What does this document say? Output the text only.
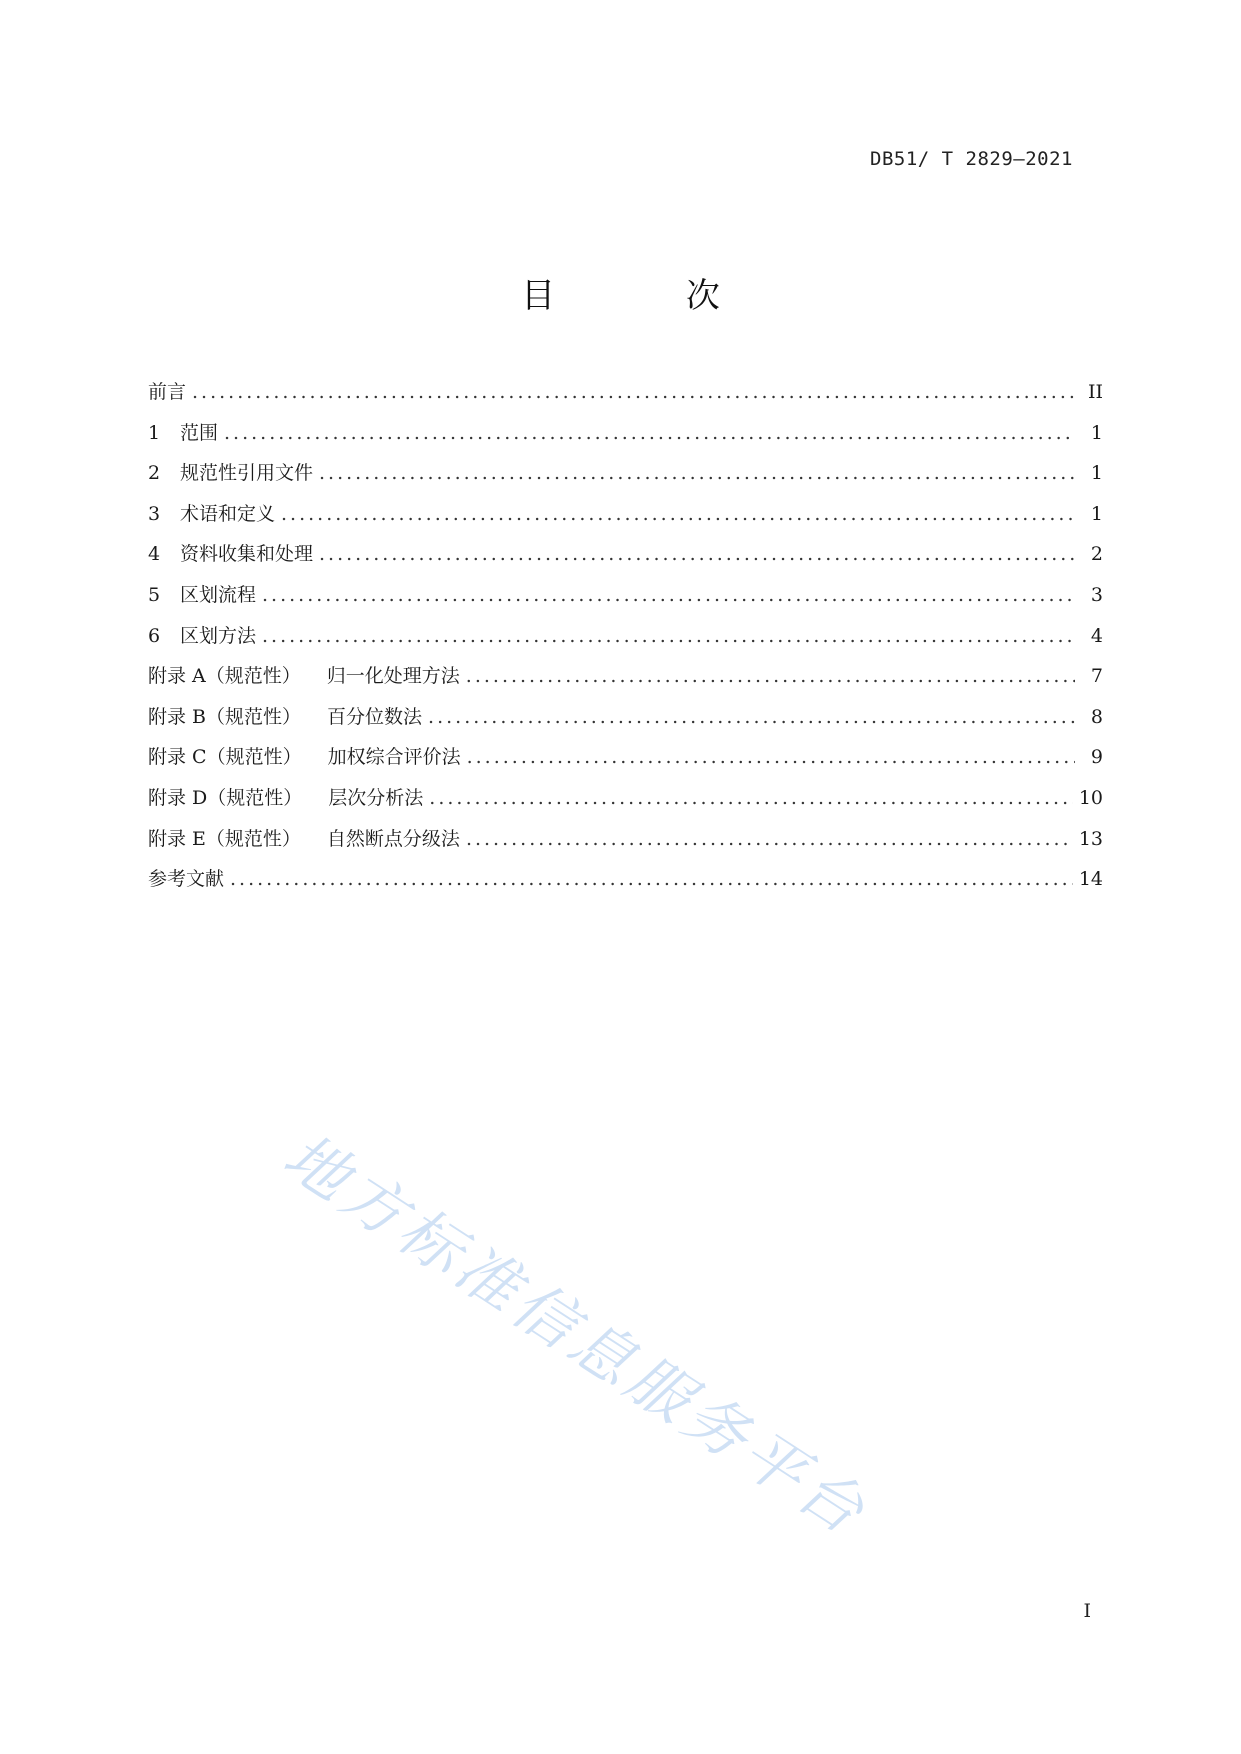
DB51/ T 2829—2021
目 次
前言 .....	II
1 范围 .....	1
2 规范性引用文件 .....	1
3 术语和定义 .....	1
4 资料收集和处理 .....	2
5 区划流程 .....	3
6 区划方法 .....	4
附录 A（规范性） 归一化处理方法 .....	7
附录 B（规范性） 百分位数法 .....	8
附录 C（规范性） 加权综合评价法 .....	9
附录 D（规范性） 层次分析法 .....	10
附录 E（规范性） 自然断点分级法 .....	13
参考文献 .....	14
地方标准信息服务平台
I
